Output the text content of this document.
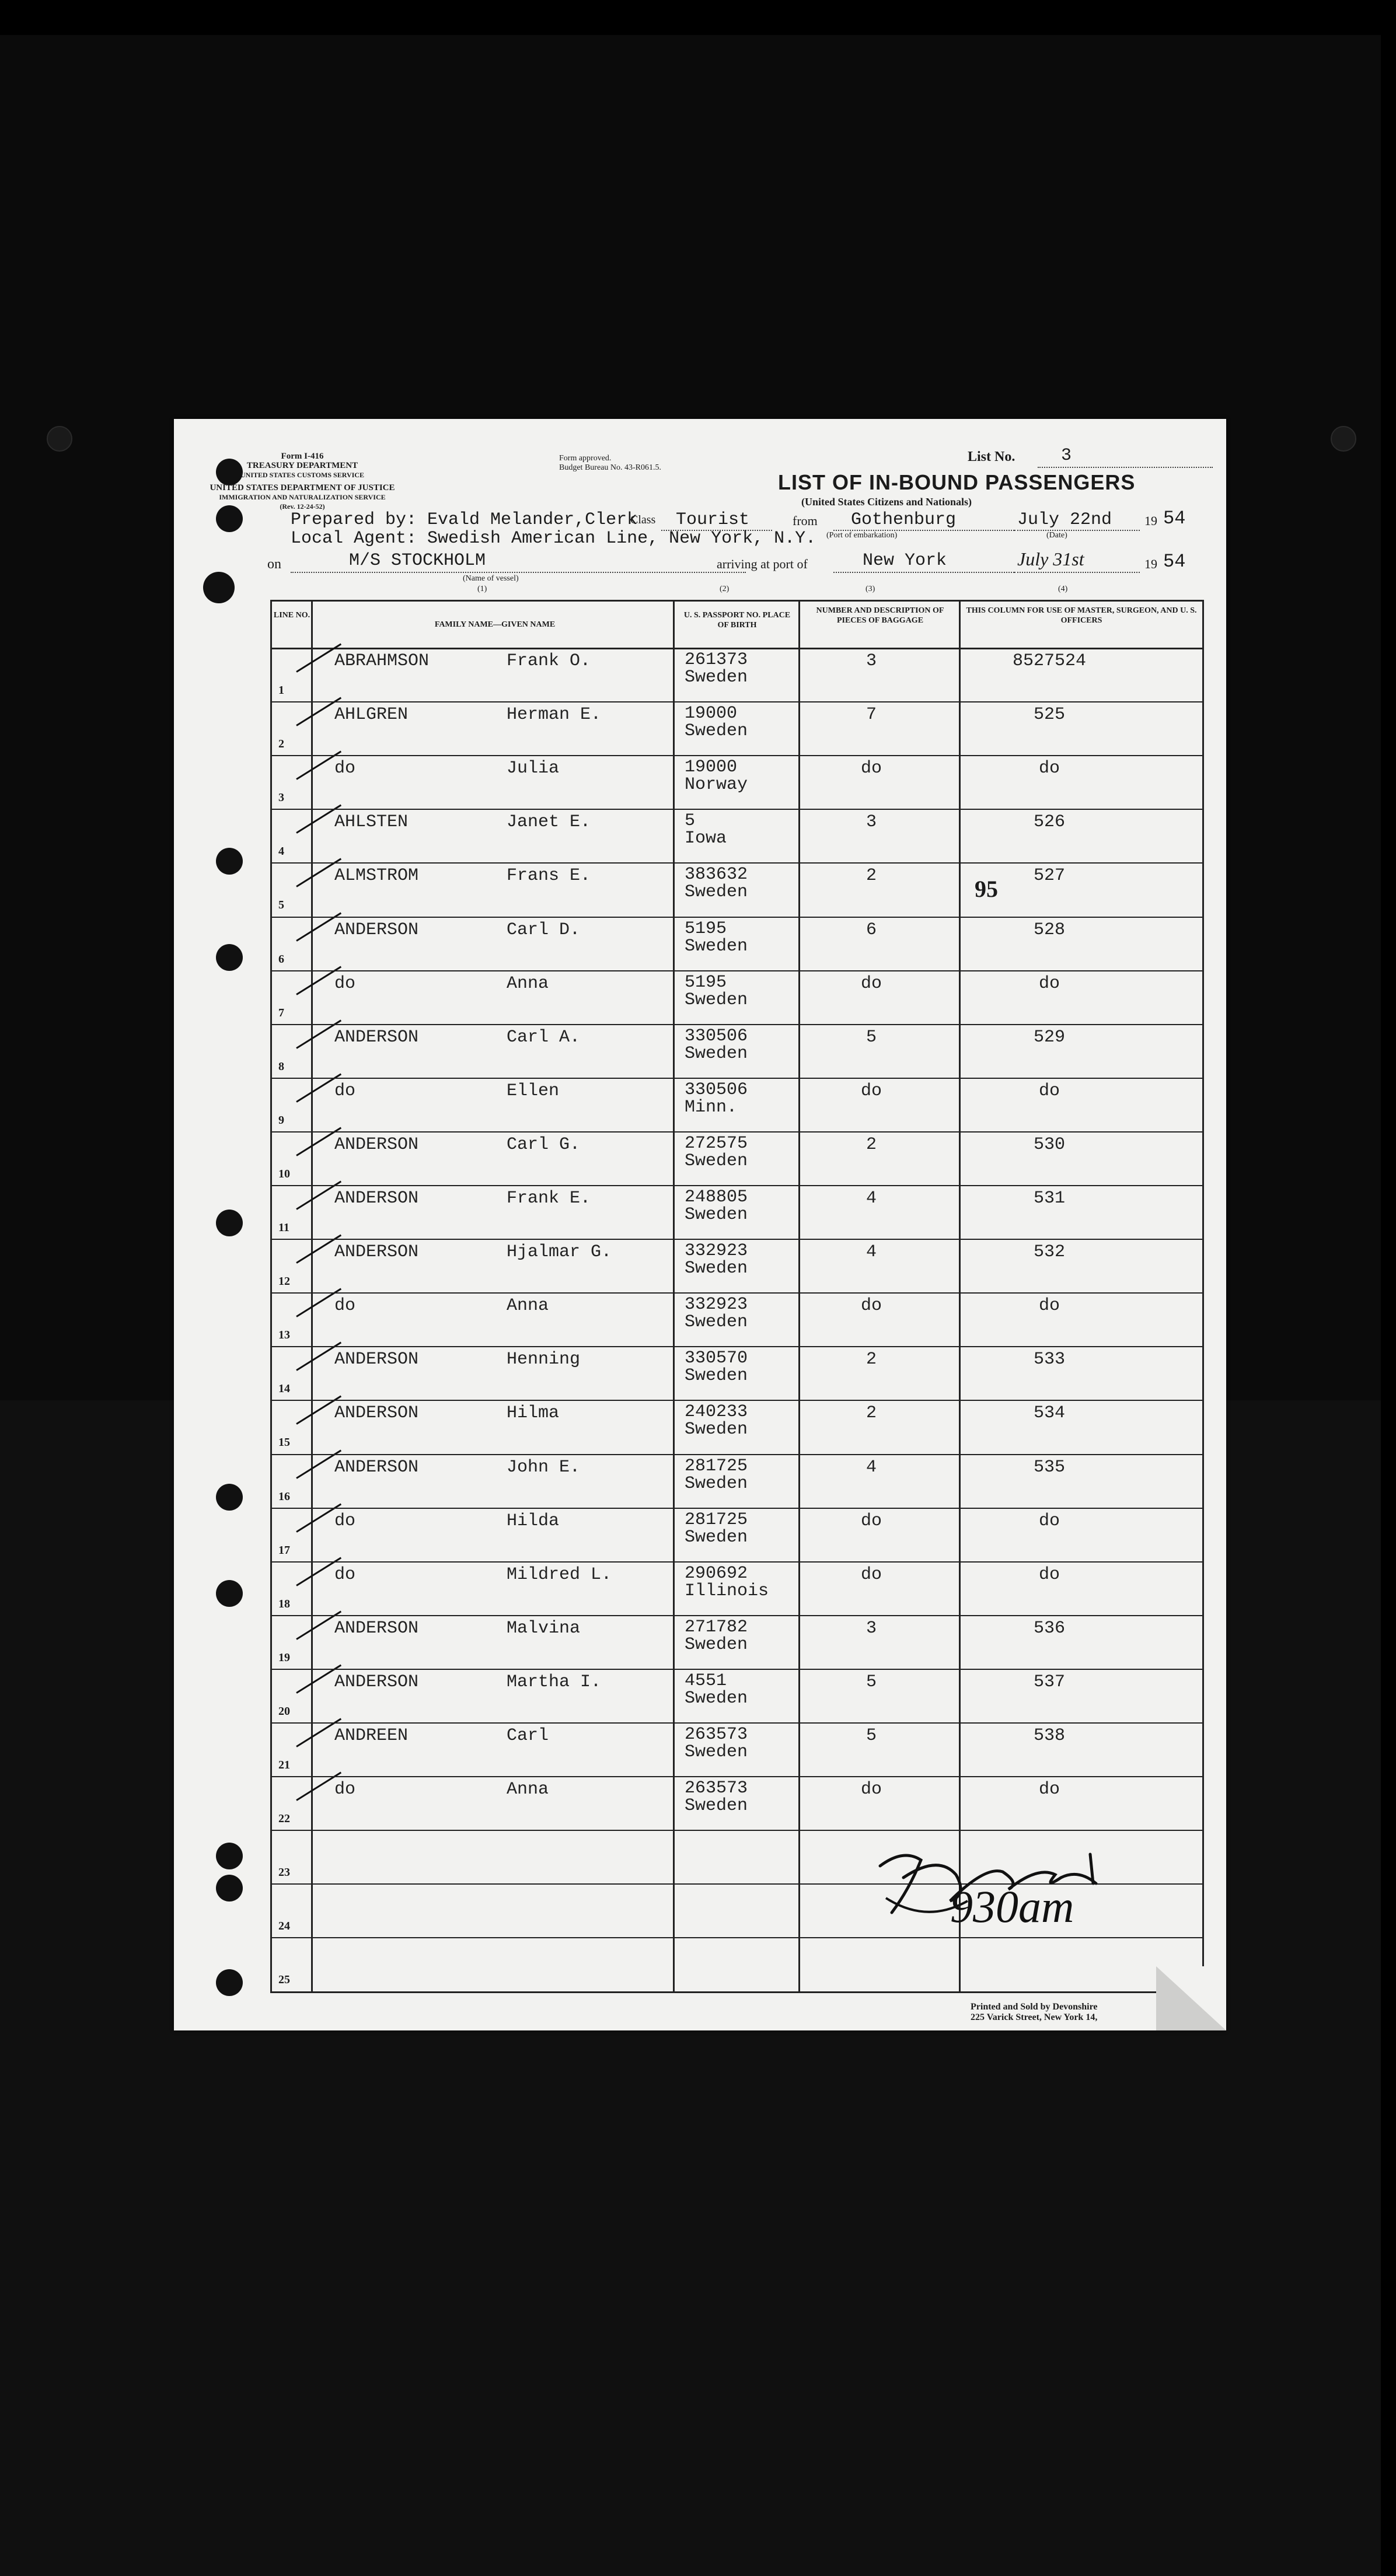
Form I-416
TREASURY DEPARTMENT
UNITED STATES CUSTOMS SERVICE
UNITED STATES DEPARTMENT OF JUSTICE
IMMIGRATION AND NATURALIZATION SERVICE
(Rev. 12-24-52)
Form approved.
Budget Bureau No. 43-R061.5.
List No.	3
LIST OF IN-BOUND PASSENGERS
(United States Citizens and Nationals)
Prepared by: Evald Melander,Clerk
Class Tourist	from Gothenburg	July 22nd	19 54
(Port of embarkation)	(Date)
Local Agent: Swedish American Line, New York, N.Y.
on	M/S STOCKHOLM
(Name of vessel)
arriving at port of	New York	July 31st	19 54
(1)	(2)	(3)	(4)
LINE NO.
FAMILY NAME—GIVEN NAME
U. S. PASSPORT NO. PLACE OF BIRTH
NUMBER AND DESCRIPTION OF PIECES OF BAGGAGE
THIS COLUMN FOR USE OF MASTER, SURGEON, AND U. S. OFFICERS
1
ABRAHMSON	Frank O.	261373
Sweden
3	8527524
2
AHLGREN	Herman E.	19000
Sweden
7	525
3
do	Julia	19000
Norway
do	do
4
AHLSTEN	Janet E.	5
Iowa
3	526
5
ALMSTROM	Frans E.	383632
Sweden
2	527
6
ANDERSON	Carl D.	5195
Sweden
6	528
7
do	Anna	5195
Sweden
do	do
8
ANDERSON	Carl A.	330506
Sweden
5	529
9
do	Ellen	330506
Minn.
do	do
10
ANDERSON	Carl G.	272575
Sweden
2	530
11
ANDERSON	Frank E.	248805
Sweden
4	531
12
ANDERSON	Hjalmar G.	332923
Sweden
4	532
13
do	Anna	332923
Sweden
do	do
14
ANDERSON	Henning	330570
Sweden
2	533
15
ANDERSON	Hilma	240233
Sweden
2	534
16
ANDERSON	John E.	281725
Sweden
4	535
17
do	Hilda	281725
Sweden
do	do
18
do	Mildred L.	290692
Illinois
do	do
19
ANDERSON	Malvina	271782
Sweden
3	536
20
ANDERSON	Martha I.	4551
Sweden
5	537
21
ANDREEN	Carl	263573
Sweden
5	538
22
do	Anna	263573
Sweden
do	do
23
24
25
95
930am
Printed and Sold by Devonshire
225 Varick Street, New York 14,
